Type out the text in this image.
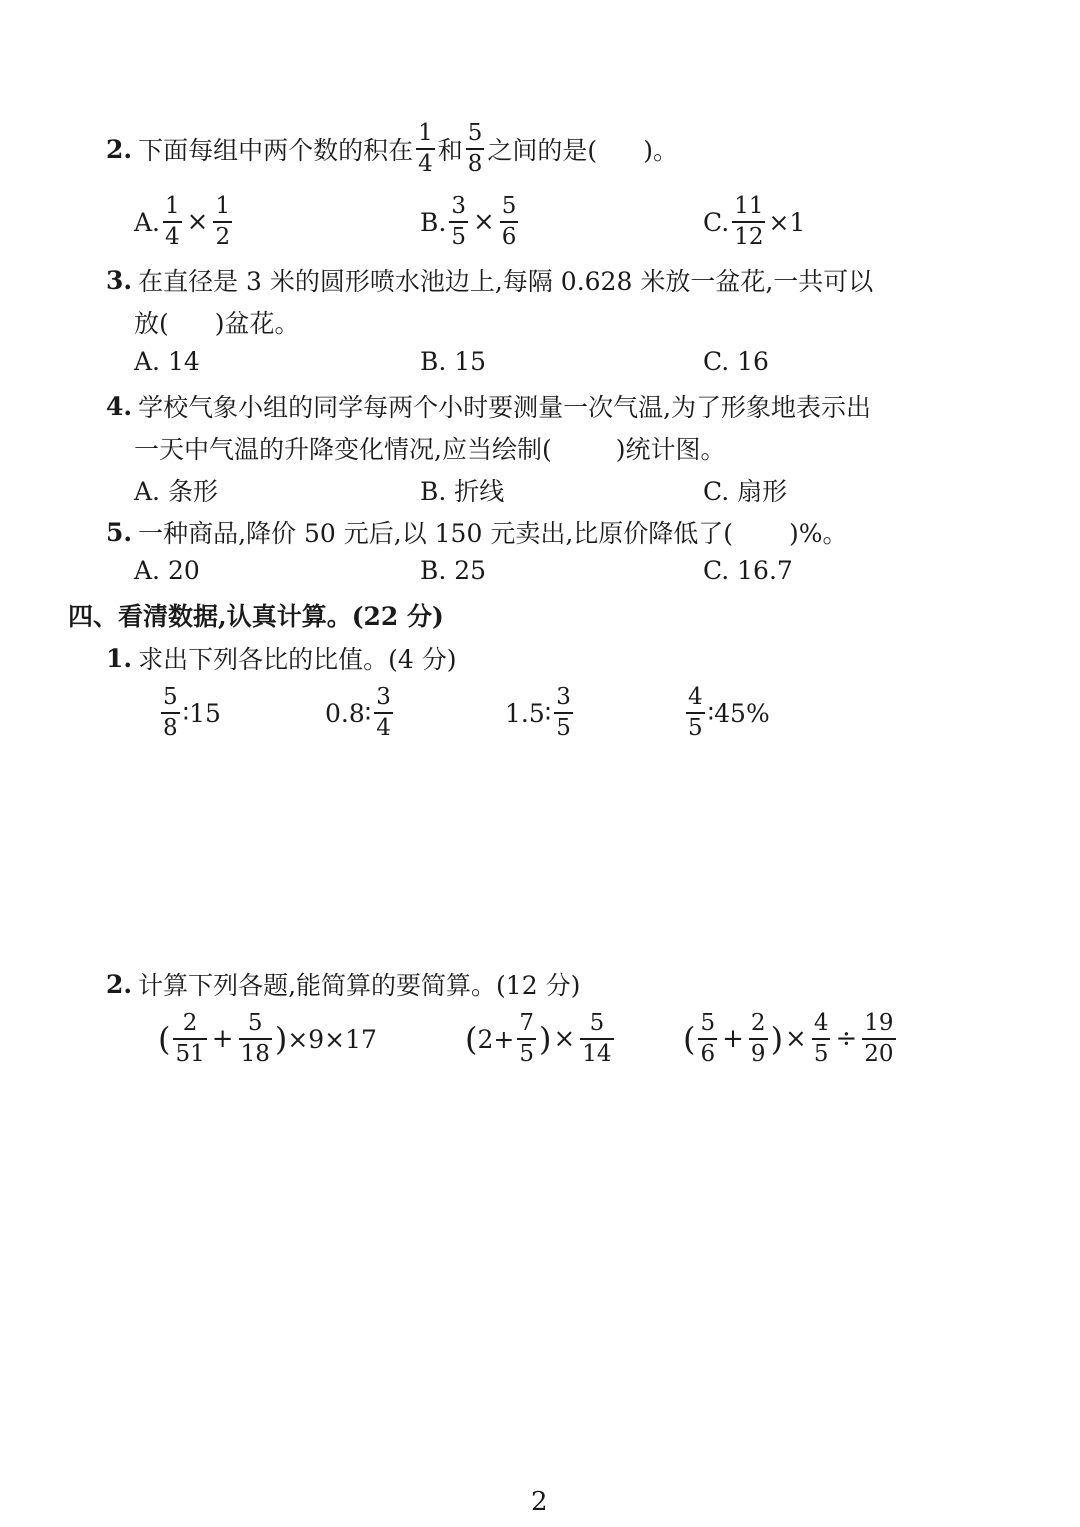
2. 下面每组中两个数的积在 $\frac{1}{4}$ 和 $\frac{5}{8}$ 之间的是( )。
A. $\frac{1}{4} \times \frac{1}{2}$	B. $\frac{3}{5} \times \frac{5}{6}$	C. $\frac{11}{12} \times 1$
3. 在直径是 3 米的圆形喷水池边上,每隔 0.628 米放一盆花,一共可以
放( )盆花。
A. 14	B. 15	C. 16
4. 学校气象小组的同学每两个小时要测量一次气温,为了形象地表示出
一天中气温的升降变化情况,应当绘制(	)统计图。
A. 条形	B. 折线	C. 扇形
5. 一种商品,降价 50 元后,以 150 元卖出,比原价降低了( )%。
A. 20	B. 25	C. 16.7
四、看清数据,认真计算。(22 分)
1. 求出下列各比的比值。(4 分)
$\frac{5}{8}$ ∶15	0.8∶ $\frac{3}{4}$	1.5∶ $\frac{3}{5}$	$\frac{4}{5}$ ∶45%
2. 计算下列各题,能简算的要简算。(12 分)
( $\frac{2}{51} + \frac{5}{18}$ ) ×9×17	( $2+ \frac{7}{5}$ ) × $\frac{5}{14}$ ( $\frac{5}{6} + \frac{2}{9}$ ) × $\frac{4}{5} \div \frac{19}{20}$
2
